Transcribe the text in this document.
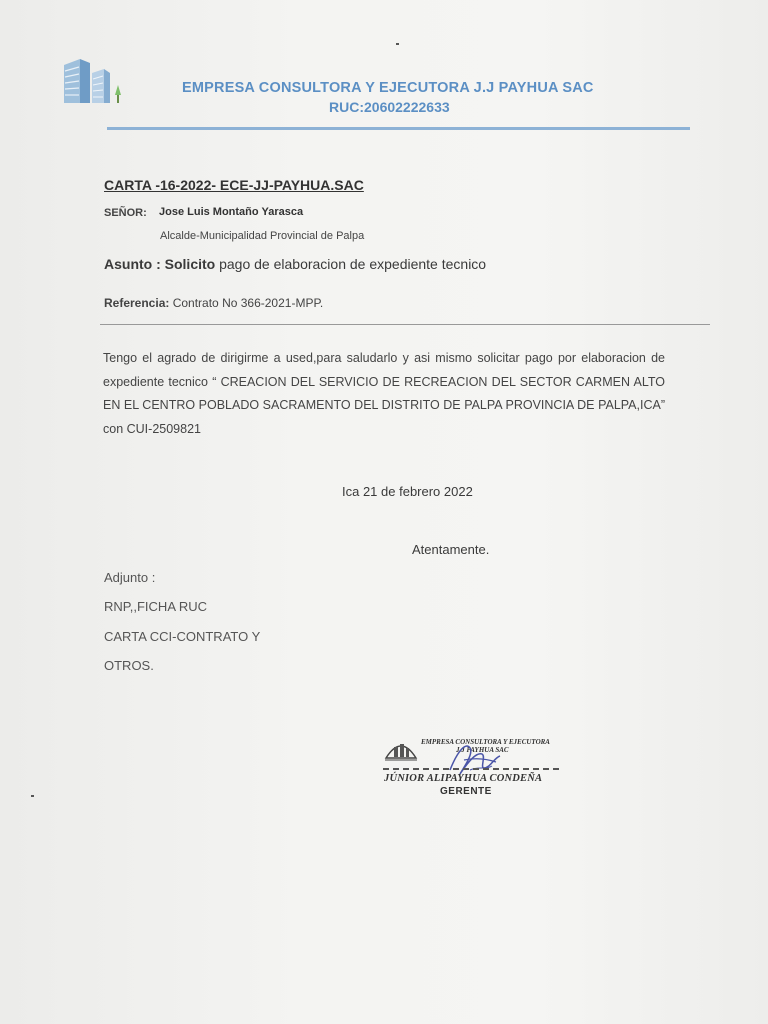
EMPRESA CONSULTORA Y EJECUTORA J.J PAYHUA SAC
RUC:20602222633
CARTA -16-2022- ECE-JJ-PAYHUA.SAC
SEÑOR: Jose Luis Montaño Yarasca
Alcalde-Municipalidad Provincial de Palpa
Asunto : Solicito pago de elaboracion de expediente tecnico
Referencia: Contrato No 366-2021-MPP.
Tengo el agrado de dirigirme a used,para saludarlo y asi mismo solicitar pago por elaboracion de expediente tecnico “ CREACION DEL SERVICIO DE RECREACION DEL SECTOR CARMEN ALTO EN EL CENTRO POBLADO SACRAMENTO DEL DISTRITO DE PALPA PROVINCIA DE PALPA,ICA” con CUI-2509821
Ica 21 de febrero 2022
Atentamente.
Adjunto :
RNP,,FICHA RUC
CARTA CCI-CONTRATO Y
OTROS.
EMPRESA CONSULTORA Y EJECUTORA
J.J PAYHUA SAC
JÚNIOR ALIPAYHUA CONDEÑA
GERENTE
